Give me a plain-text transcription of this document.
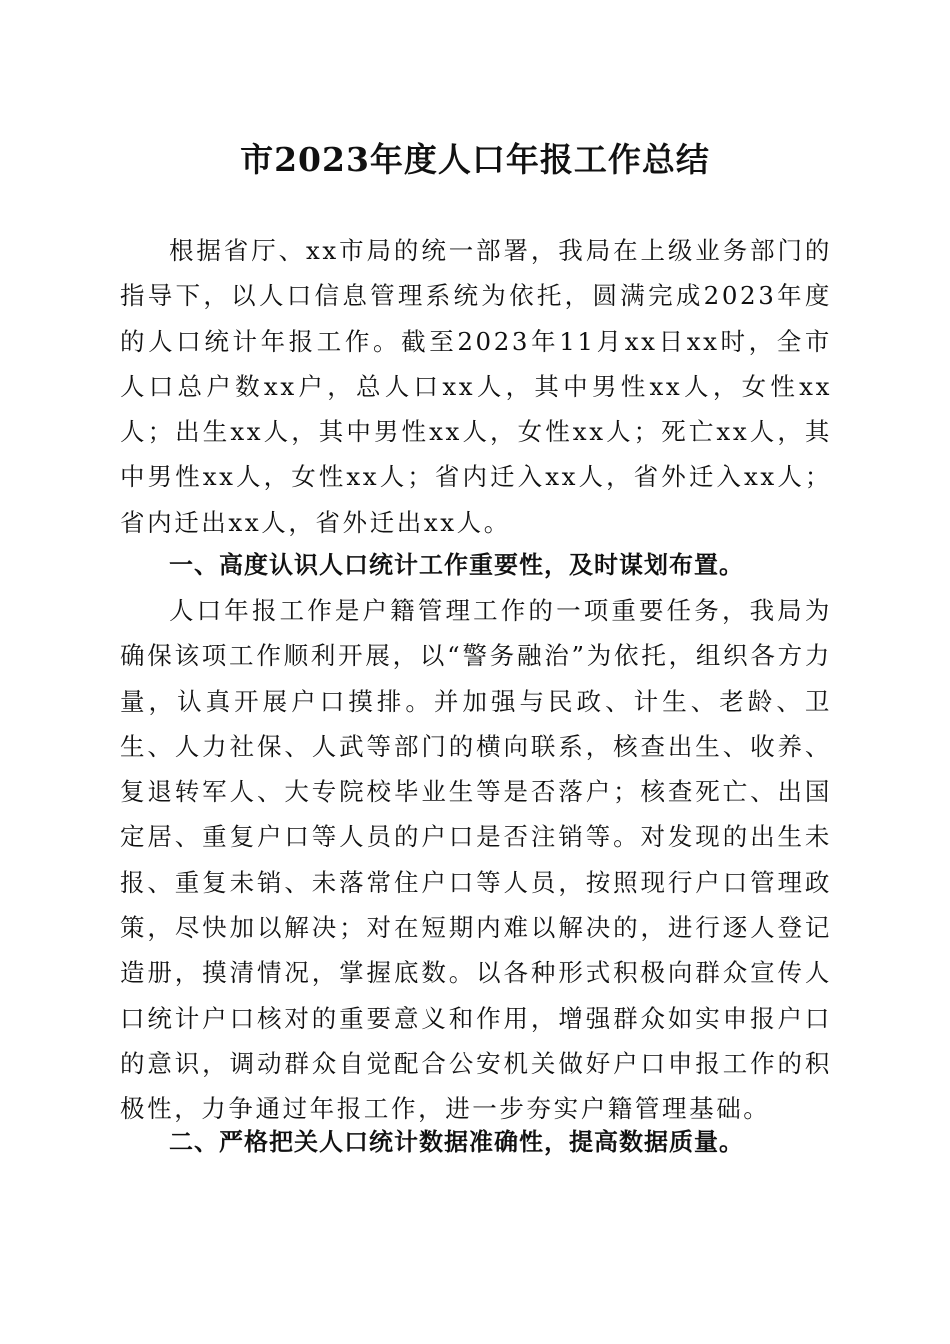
市2023年度人口年报工作总结

根据省厅、xx市局的统一部署，我局在上级业务部门的指导下，以人口信息管理系统为依托，圆满完成2023年度的人口统计年报工作。截至2023年11月xx日xx时，全市人口总户数xx户，总人口xx人，其中男性xx人，女性xx人；出生xx人，其中男性xx人，女性xx人；死亡xx人，其中男性xx人，女性xx人；省内迁入xx人，省外迁入xx人；省内迁出xx人，省外迁出xx人。

一、高度认识人口统计工作重要性，及时谋划布置。

人口年报工作是户籍管理工作的一项重要任务，我局为确保该项工作顺利开展，以“警务融治”为依托，组织各方力量，认真开展户口摸排。并加强与民政、计生、老龄、卫生、人力社保、人武等部门的横向联系，核查出生、收养、复退转军人、大专院校毕业生等是否落户；核查死亡、出国定居、重复户口等人员的户口是否注销等。对发现的出生未报、重复未销、未落常住户口等人员，按照现行户口管理政策，尽快加以解决；对在短期内难以解决的，进行逐人登记造册，摸清情况，掌握底数。以各种形式积极向群众宣传人口统计户口核对的重要意义和作用，增强群众如实申报户口的意识，调动群众自觉配合公安机关做好户口申报工作的积极性，力争通过年报工作，进一步夯实户籍管理基础。

二、严格把关人口统计数据准确性，提高数据质量。
